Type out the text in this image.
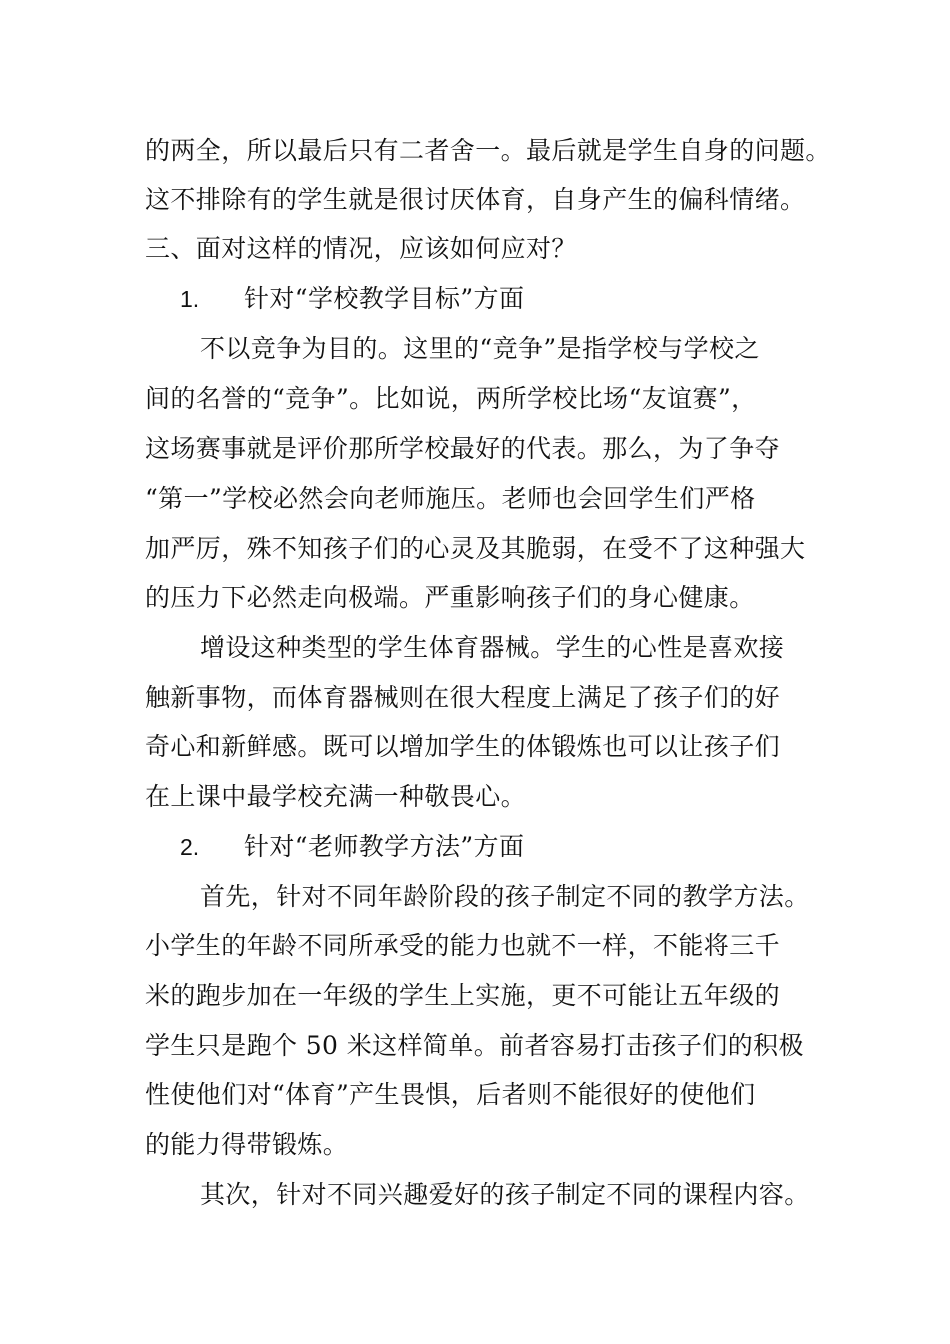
的两全，所以最后只有二者舍一。最后就是学生自身的问题。
这不排除有的学生就是很讨厌体育，自身产生的偏科情绪。
三、面对这样的情况，应该如何应对？
1. 针对“学校教学目标”方面
不以竞争为目的。这里的“竞争”是指学校与学校之
间的名誉的“竞争”。比如说，两所学校比场“友谊赛”，
这场赛事就是评价那所学校最好的代表。那么，为了争夺
“第一”学校必然会向老师施压。老师也会回学生们严格
加严厉，殊不知孩子们的心灵及其脆弱，在受不了这种强大
的压力下必然走向极端。严重影响孩子们的身心健康。
增设这种类型的学生体育器械。学生的心性是喜欢接
触新事物，而体育器械则在很大程度上满足了孩子们的好
奇心和新鲜感。既可以增加学生的体锻炼也可以让孩子们
在上课中最学校充满一种敬畏心。
2. 针对“老师教学方法”方面
首先，针对不同年龄阶段的孩子制定不同的教学方法。
小学生的年龄不同所承受的能力也就不一样，不能将三千
米的跑步加在一年级的学生上实施，更不可能让五年级的
学生只是跑个 50 米这样简单。前者容易打击孩子们的积极
性使他们对“体育”产生畏惧，后者则不能很好的使他们
的能力得带锻炼。
其次，针对不同兴趣爱好的孩子制定不同的课程内容。
